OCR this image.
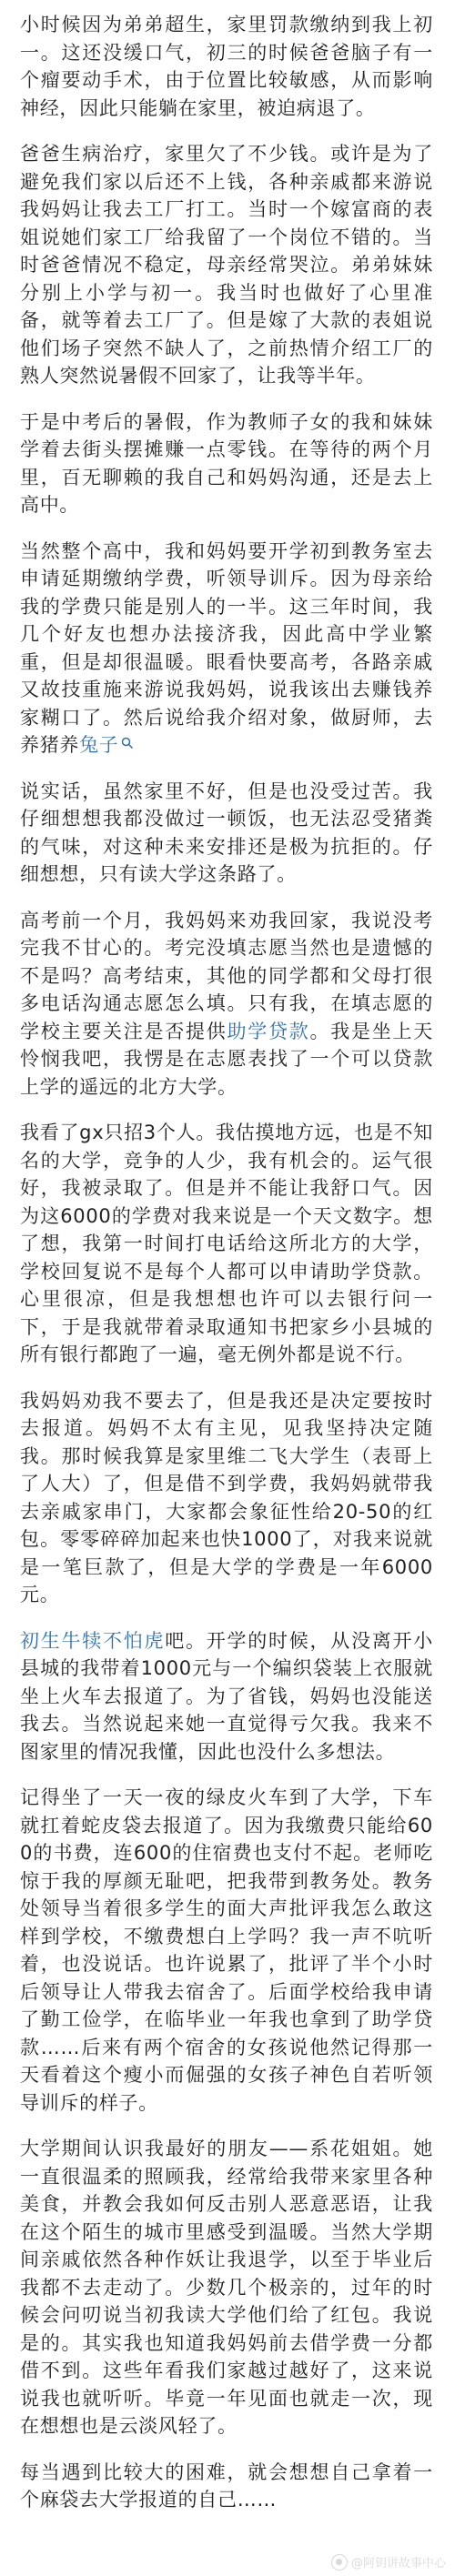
小时候因为弟弟超生，家里罚款缴纳到我上初一。这还没缓口气，初三的时候爸爸脑子有一个瘤要动手术，由于位置比较敏感，从而影响神经，因此只能躺在家里，被迫病退了。

爸爸生病治疗，家里欠了不少钱。或许是为了避免我们家以后还不上钱，各种亲戚都来游说我妈妈让我去工厂打工。当时一个嫁富商的表姐说她们家工厂给我留了一个岗位不错的。当时爸爸情况不稳定，母亲经常哭泣。弟弟妹妹分别上小学与初一。我当时也做好了心里准备，就等着去工厂了。但是嫁了大款的表姐说他们场子突然不缺人了，之前热情介绍工厂的熟人突然说暑假不回家了，让我等半年。

于是中考后的暑假，作为教师子女的我和妹妹学着去街头摆摊赚一点零钱。在等待的两个月里，百无聊赖的我自己和妈妈沟通，还是去上高中。

当然整个高中，我和妈妈要开学初到教务室去申请延期缴纳学费，听领导训斥。因为母亲给我的学费只能是别人的一半。这三年时间，我几个好友也想办法接济我，因此高中学业繁重，但是却很温暖。眼看快要高考，各路亲戚又故技重施来游说我妈妈，说我该出去赚钱养家糊口了。然后说给我介绍对象，做厨师，去养猪养兔子

说实话，虽然家里不好，但是也没受过苦。我仔细想想我都没做过一顿饭，也无法忍受猪粪的气味，对这种未来安排还是极为抗拒的。仔细想想，只有读大学这条路了。

高考前一个月，我妈妈来劝我回家，我说没考完我不甘心的。考完没填志愿当然也是遗憾的不是吗？高考结束，其他的同学都和父母打很多电话沟通志愿怎么填。只有我，在填志愿的学校主要关注是否提供助学贷款。我是坐上天怜悯我吧，我愣是在志愿表找了一个可以贷款上学的遥远的北方大学。

我看了gx只招3个人。我估摸地方远，也是不知名的大学，竞争的人少，我有机会的。运气很好，我被录取了。但是并不能让我舒口气。因为这6000的学费对我来说是一个天文数字。想了想，我第一时间打电话给这所北方的大学，学校回复说不是每个人都可以申请助学贷款。心里很凉，但是我想想也许可以去银行问一下，于是我就带着录取通知书把家乡小县城的所有银行都跑了一遍，毫无例外都是说不行。

我妈妈劝我不要去了，但是我还是决定要按时去报道。妈妈不太有主见，见我坚持决定随我。那时候我算是家里维二飞大学生（表哥上了人大）了，但是借不到学费，我妈妈就带我去亲戚家串门，大家都会象征性给20-50的红包。零零碎碎加起来也快1000了，对我来说就是一笔巨款了，但是大学的学费是一年6000元。

初生牛犊不怕虎吧。开学的时候，从没离开小县城的我带着1000元与一个编织袋装上衣服就坐上火车去报道了。为了省钱，妈妈也没能送我去。当然说起来她一直觉得亏欠我。我来不图家里的情况我懂，因此也没什么多想法。

记得坐了一天一夜的绿皮火车到了大学，下车就扛着蛇皮袋去报道了。因为我缴费只能给600的书费，连600的住宿费也支付不起。老师吃惊于我的厚颜无耻吧，把我带到教务处。教务处领导当着很多学生的面大声批评我怎么敢这样到学校，不缴费想白上学吗？我一声不吭听着，也没说话。也许说累了，批评了半个小时后领导让人带我去宿舍了。后面学校给我申请了勤工俭学，在临毕业一年我也拿到了助学贷款……后来有两个宿舍的女孩说他然记得那一天看着这个瘦小而倔强的女孩子神色自若听领导训斥的样子。

大学期间认识我最好的朋友——系花姐姐。她一直很温柔的照顾我，经常给我带来家里各种美食，并教会我如何反击别人恶意恶语，让我在这个陌生的城市里感受到温暖。当然大学期间亲戚依然各种作妖让我退学，以至于毕业后我都不去走动了。少数几个极亲的，过年的时候会问叨说当初我读大学他们给了红包。我说是的。其实我也知道我妈妈前去借学费一分都借不到。这些年看我们家越过越好了，这来说说我也就听听。毕竟一年见面也就走一次，现在想想也是云淡风轻了。

每当遇到比较大的困难，就会想想自己拿着一个麻袋去大学报道的自己……

@阿钥讲故事中心
